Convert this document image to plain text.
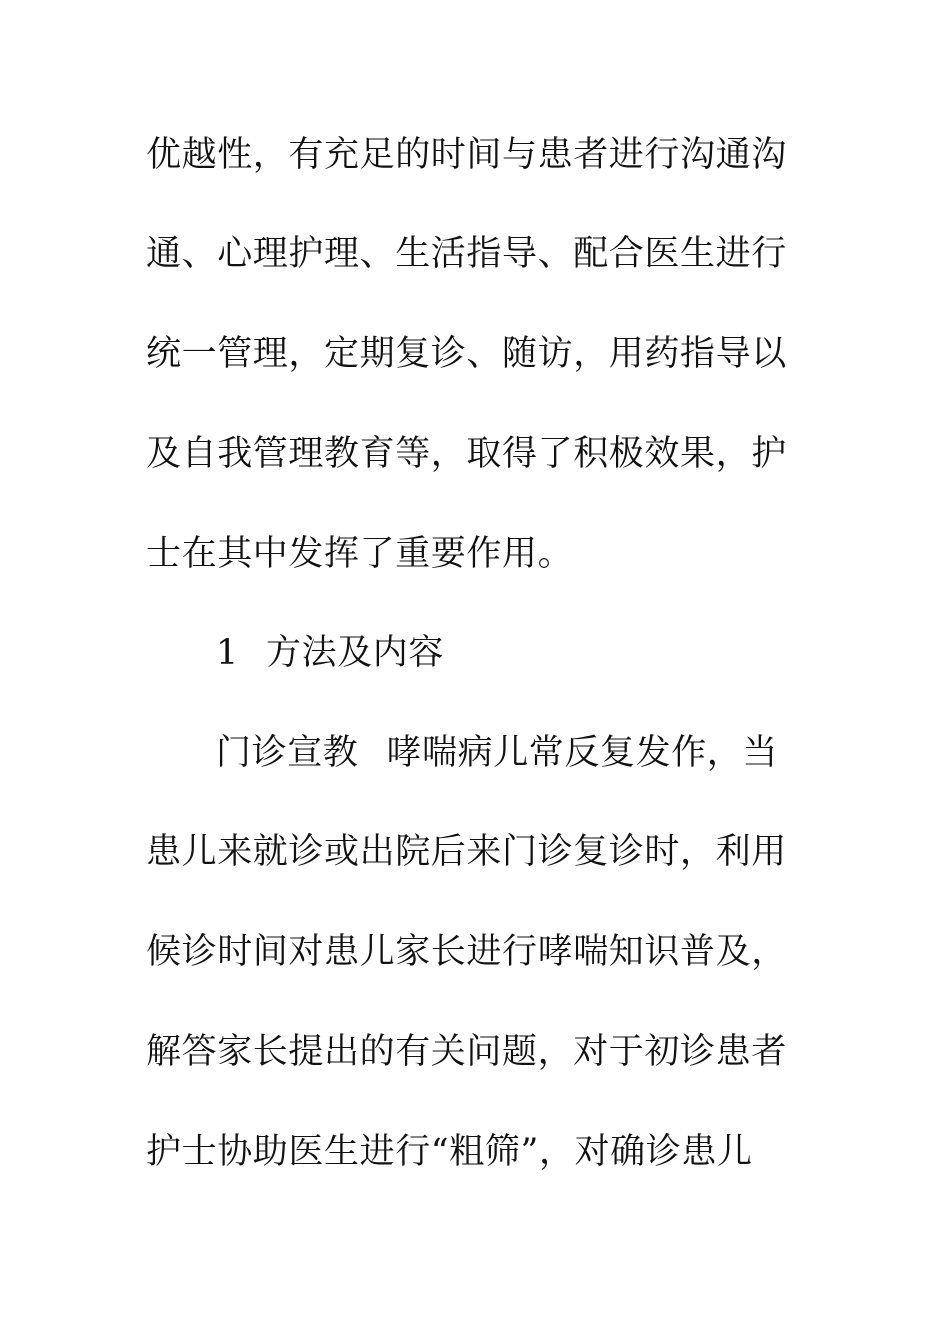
优越性，有充足的时间与患者进行沟通沟
通、心理护理、生活指导、配合医生进行
统一管理，定期复诊、随访，用药指导以
及自我管理教育等，取得了积极效果，护
士在其中发挥了重要作用。
1 方法及内容
门诊宣教 哮喘病儿常反复发作，当
患儿来就诊或出院后来门诊复诊时，利用
候诊时间对患儿家长进行哮喘知识普及，
解答家长提出的有关问题，对于初诊患者
护士协助医生进行“粗筛”，对确诊患儿
